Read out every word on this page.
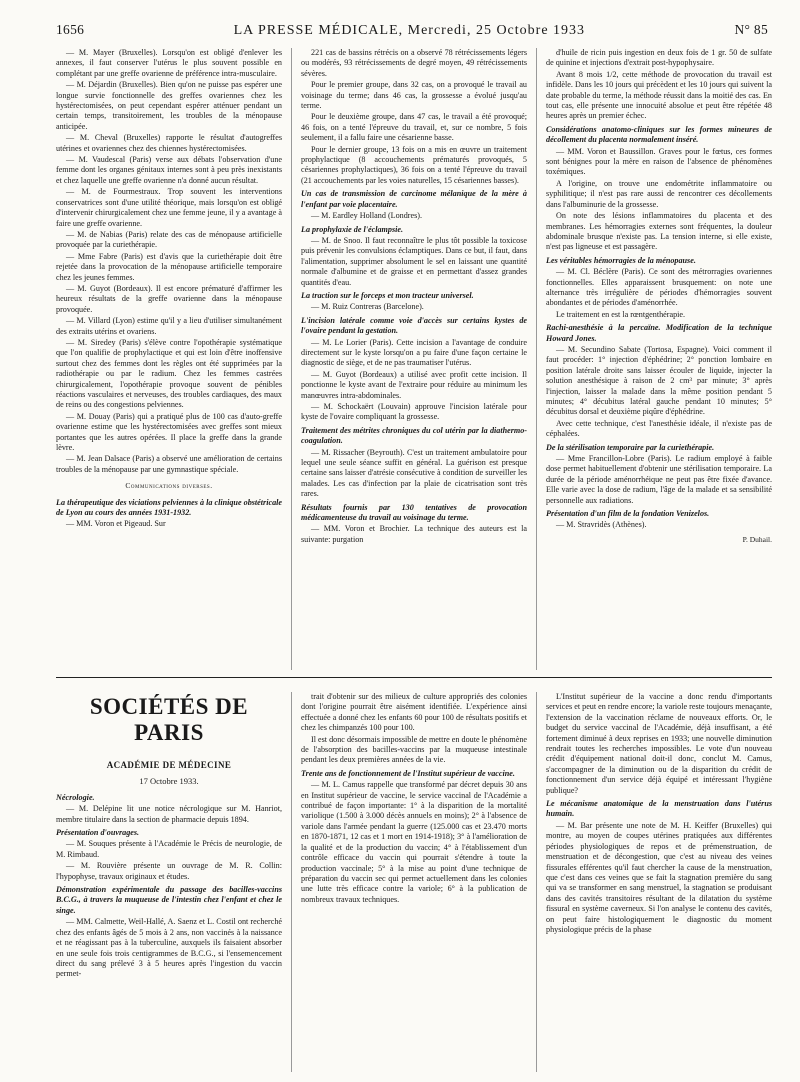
1656	LA PRESSE MÉDICALE, Mercredi, 25 Octobre 1933	N° 85

— M. Mayer (Bruxelles). Lorsqu'on est obligé d'enlever les annexes, il faut conserver l'utérus le plus souvent possible en complétant par une greffe ovarienne de préférence intra-musculaire.

— M. Déjardin (Bruxelles). Bien qu'on ne puisse pas espérer une longue survie fonctionnelle des greffes ovariennes chez les hystérectomisées, on peut cependant espérer atténuer pendant un certain temps, transitoirement, les troubles de la ménopause anticipée.

— M. Cheval (Bruxelles) rapporte le résultat d'autogreffes utérines et ovariennes chez des chiennes hystérectomisées.

— M. Vaudescal (Paris) verse aux débats l'observation d'une femme dont les organes génitaux internes sont à peu près inexistants et chez laquelle une greffe ovarienne n'a donné aucun résultat.

— M. de Fourmestraux. Trop souvent les interventions conservatrices sont d'une utilité théorique, mais lorsqu'on est obligé d'intervenir chirurgicalement chez une femme jeune, il y a avantage à faire une greffe ovarienne.

— M. de Nabias (Paris) relate des cas de ménopause artificielle provoquée par la curiethérapie.

— Mme Fabre (Paris) est d'avis que la curiethérapie doit être rejetée dans la provocation de la ménopause artificielle temporaire chez les jeunes femmes.

— M. Guyot (Bordeaux). Il est encore prématuré d'affirmer les heureux résultats de la greffe ovarienne dans la ménopause provoquée.

— M. Villard (Lyon) estime qu'il y a lieu d'utiliser simultanément des extraits utérins et ovariens.

— M. Siredey (Paris) s'élève contre l'opothérapie systématique que l'on qualifie de prophylactique et qui est loin d'être inoffensive surtout chez des femmes dont les règles ont été supprimées par la radiothérapie ou par le radium. Chez les femmes castrées chirurgicalement, l'opothérapie provoque souvent de pénibles réactions vasculaires et nerveuses, des troubles cardiaques, des maux de reins ou des congestions pelviennes.

— M. Douay (Paris) qui a pratiqué plus de 100 cas d'auto-greffe ovarienne estime que les hystérectomisées avec greffes sont mieux portantes que les autres opérées. Il place la greffe dans la grande lèvre.

— M. Jean Dalsace (Paris) a observé une amélioration de certains troubles de la ménopause par une gymnastique spéciale.

Communications diverses.

La thérapeutique des viciations pelviennes à la clinique obstétricale de Lyon au cours des années 1931-1932.

— MM. Voron et Pigeaud. Sur

221 cas de bassins rétrécis on a observé 78 rétrécissements légers ou modérés, 93 rétrécissements de degré moyen, 49 rétrécissements sévères.

Pour le premier groupe, dans 32 cas, on a provoqué le travail au voisinage du terme; dans 46 cas, la grossesse a évolué jusqu'au terme.

Pour le deuxième groupe, dans 47 cas, le travail a été provoqué; 46 fois, on a tenté l'épreuve du travail, et, sur ce nombre, 5 fois seulement, il a fallu faire une césarienne basse.

Pour le dernier groupe, 13 fois on a mis en œuvre un traitement prophylactique (8 accouchements prématurés provoqués, 5 césariennes prophylactiques), 36 fois on a tenté l'épreuve du travail (21 accouchements par les voies naturelles, 15 césariennes basses).

Un cas de transmission de carcinome mélanique de la mère à l'enfant par voie placentaire.

— M. Eardley Holland (Londres).

La prophylaxie de l'éclampsie.

— M. de Snoo. Il faut reconnaître le plus tôt possible la toxicose puis prévenir les convulsions éclamptiques. Dans ce but, il faut, dans l'alimentation, supprimer absolument le sel en laissant une quantité normale d'albumine et de graisse et en permettant d'assez grandes quantités d'eau.

La traction sur le forceps et mon tracteur universel.

— M. Ruiz Contreras (Barcelone).

L'incision latérale comme voie d'accès sur certains kystes de l'ovaire pendant la gestation.

— M. Le Lorier (Paris). Cette incision a l'avantage de conduire directement sur le kyste lorsqu'on a pu faire d'une façon certaine le diagnostic de siège, et de ne pas traumatiser l'utérus.

— M. Guyot (Bordeaux) a utilisé avec profit cette incision. Il ponctionne le kyste avant de l'extraire pour réduire au minimum les manœuvres intra-abdominales.

— M. Schockaërt (Louvain) approuve l'incision latérale pour kyste de l'ovaire compliquant la grossesse.

Traitement des métrites chroniques du col utérin par la diathermo-coagulation.

— M. Rissacher (Beyrouth). C'est un traitement ambulatoire pour lequel une seule séance suffit en général. La guérison est presque certaine sans laisser d'atrésie consécutive à condition de surveiller les malades. Les cas d'infection par la plaie de cicatrisation sont très rares.

Résultats fournis par 130 tentatives de provocation médicamenteuse du travail au voisinage du terme.

— MM. Voron et Brochier. La technique des auteurs est la suivante: purgation

d'huile de ricin puis ingestion en deux fois de 1 gr. 50 de sulfate de quinine et injections d'extrait post-hypophysaire.

Avant 8 mois 1/2, cette méthode de provocation du travail est infidèle. Dans les 10 jours qui précèdent et les 10 jours qui suivent la date probable du terme, la méthode réussit dans la moitié des cas. En tout cas, elle présente une innocuité absolue et peut être répétée 48 heures après un premier échec.

Considérations anatomo-cliniques sur les formes mineures de décollement du placenta normalement inséré.

— MM. Voron et Baussillon. Graves pour le fœtus, ces formes sont bénignes pour la mère en raison de l'absence de phénomènes toxémiques.

A l'origine, on trouve une endométrite inflammatoire ou syphilitique; il n'est pas rare aussi de rencontrer ces décollements dans l'albuminurie de la grossesse.

On note des lésions inflammatoires du placenta et des membranes. Les hémorragies externes sont fréquentes, la douleur abdominale brusque n'existe pas. La tension interne, si elle existe, n'est pas ligneuse et est passagère.

Les véritables hémorragies de la ménopause.

— M. Cl. Béclère (Paris). Ce sont des métrorragies ovariennes fonctionnelles. Elles apparaissent brusquement: on note une alternance très irrégulière de périodes d'hémorragies souvent abondantes et de périodes d'aménorrhée.

Le traitement en est la rœntgenthérapie.

Rachi-anesthésie à la percaïne. Modification de la technique Howard Jones.

— M. Secundino Sabate (Tortosa, Espagne). Voici comment il faut procéder: 1° injection d'éphédrine; 2° ponction lombaire en position latérale droite sans laisser écouler de liquide, injecter la solution anesthésique à raison de 2 cm³ par minute; 3° après l'injection, laisser la malade dans la même position pendant 5 minutes; 4° décubitus latéral gauche pendant 10 minutes; 5° décubitus dorsal et deuxième piqûre d'éphédrine.

Avec cette technique, c'est l'anesthésie idéale, il n'existe pas de céphalées.

De la stérilisation temporaire par la curiethérapie.

— Mme Francillon-Lobre (Paris). Le radium employé à faible dose permet habituellement d'obtenir une stérilisation temporaire. La durée de la période aménorrhéique ne peut pas être fixée d'avance. Elle varie avec la dose de radium, l'âge de la malade et sa sensibilité personnelle aux radiations.

Présentation d'un film de la fondation Venizelos.

— M. Stravridès (Athènes).

P. Duhail.

SOCIÉTÉS DE PARIS
ACADÉMIE DE MÉDECINE
17 Octobre 1933.

Nécrologie.

— M. Delépine lit une notice nécrologique sur M. Hanriot, membre titulaire dans la section de pharmacie depuis 1894.

Présentation d'ouvrages.

— M. Souques présente à l'Académie le Précis de neurologie, de M. Rimbaud.

— M. Rouvière présente un ouvrage de M. R. Collin: l'hypophyse, travaux originaux et études.

Démonstration expérimentale du passage des bacilles-vaccins B.C.G., à travers la muqueuse de l'intestin chez l'enfant et chez le singe.

— MM. Calmette, Weil-Hallé, A. Saenz et L. Costil ont recherché chez des enfants âgés de 5 mois à 2 ans, non vaccinés à la naissance et ne réagissant pas à la tuberculine, auxquels ils faisaient absorber en une seule fois trois centigrammes de B.C.G., si l'ensemencement direct du sang prélevé 3 à 5 heures après l'ingestion du vaccin permet-

trait d'obtenir sur des milieux de culture appropriés des colonies dont l'origine pourrait être aisément identifiée. L'expérience ainsi effectuée a donné chez les enfants 60 pour 100 de résultats positifs et chez les chimpanzés 100 pour 100.

Il est donc désormais impossible de mettre en doute le phénomène de l'absorption des bacilles-vaccins par la muqueuse intestinale pendant les deux premières années de la vie.

Trente ans de fonctionnement de l'Institut supérieur de vaccine.

— M. L. Camus rappelle que transformé par décret depuis 30 ans en Institut supérieur de vaccine, le service vaccinal de l'Académie a contribué de façon importante: 1° à la disparition de la mortalité variolique (1.500 à 3.000 décès annuels en moins); 2° à l'absence de variole dans l'armée pendant la guerre (125.000 cas et 23.470 morts en 1870-1871, 12 cas et 1 mort en 1914-1918); 3° à l'amélioration de la qualité et de la production du vaccin; 4° à l'établissement d'un contrôle efficace du vaccin qui pourrait s'étendre à toute la production vaccinale; 5° à la mise au point d'une technique de préparation du vaccin sec qui permet actuellement dans les colonies une lutte très efficace contre la variole; 6° à la publication de nombreux travaux techniques.

L'Institut supérieur de la vaccine a donc rendu d'importants services et peut en rendre encore; la variole reste toujours menaçante, l'extension de la vaccination réclame de nouveaux efforts. Or, le budget du service vaccinal de l'Académie, déjà insuffisant, a été fortement diminué à deux reprises en 1933; une nouvelle diminution rendrait toutes les recherches impossibles. Le vote d'un nouveau crédit d'équipement national doit-il donc, conclut M. Camus, s'accompagner de la diminution ou de la disparition du crédit de fonctionnement d'un service déjà équipé et intéressant l'hygiène publique?

Le mécanisme anatomique de la menstruation dans l'utérus humain.

— M. Bar présente une note de M. H. Keiffer (Bruxelles) qui montre, au moyen de coupes utérines pratiquées aux différentes périodes physiologiques de repos et de prémenstruation, de menstruation et de décongestion, que c'est au niveau des veines fissurales efférentes qu'il faut chercher la cause de la menstruation, que c'est dans ces veines que se fait la stagnation première du sang qui va se transformer en sang menstruel, la stagnation se produisant dans des cavités transitoires résultant de la dilatation du système fissural en système caverneux. Si l'on analyse le contenu des cavités, on peut faire histologiquement le diagnostic du moment physiologique précis de la phase
